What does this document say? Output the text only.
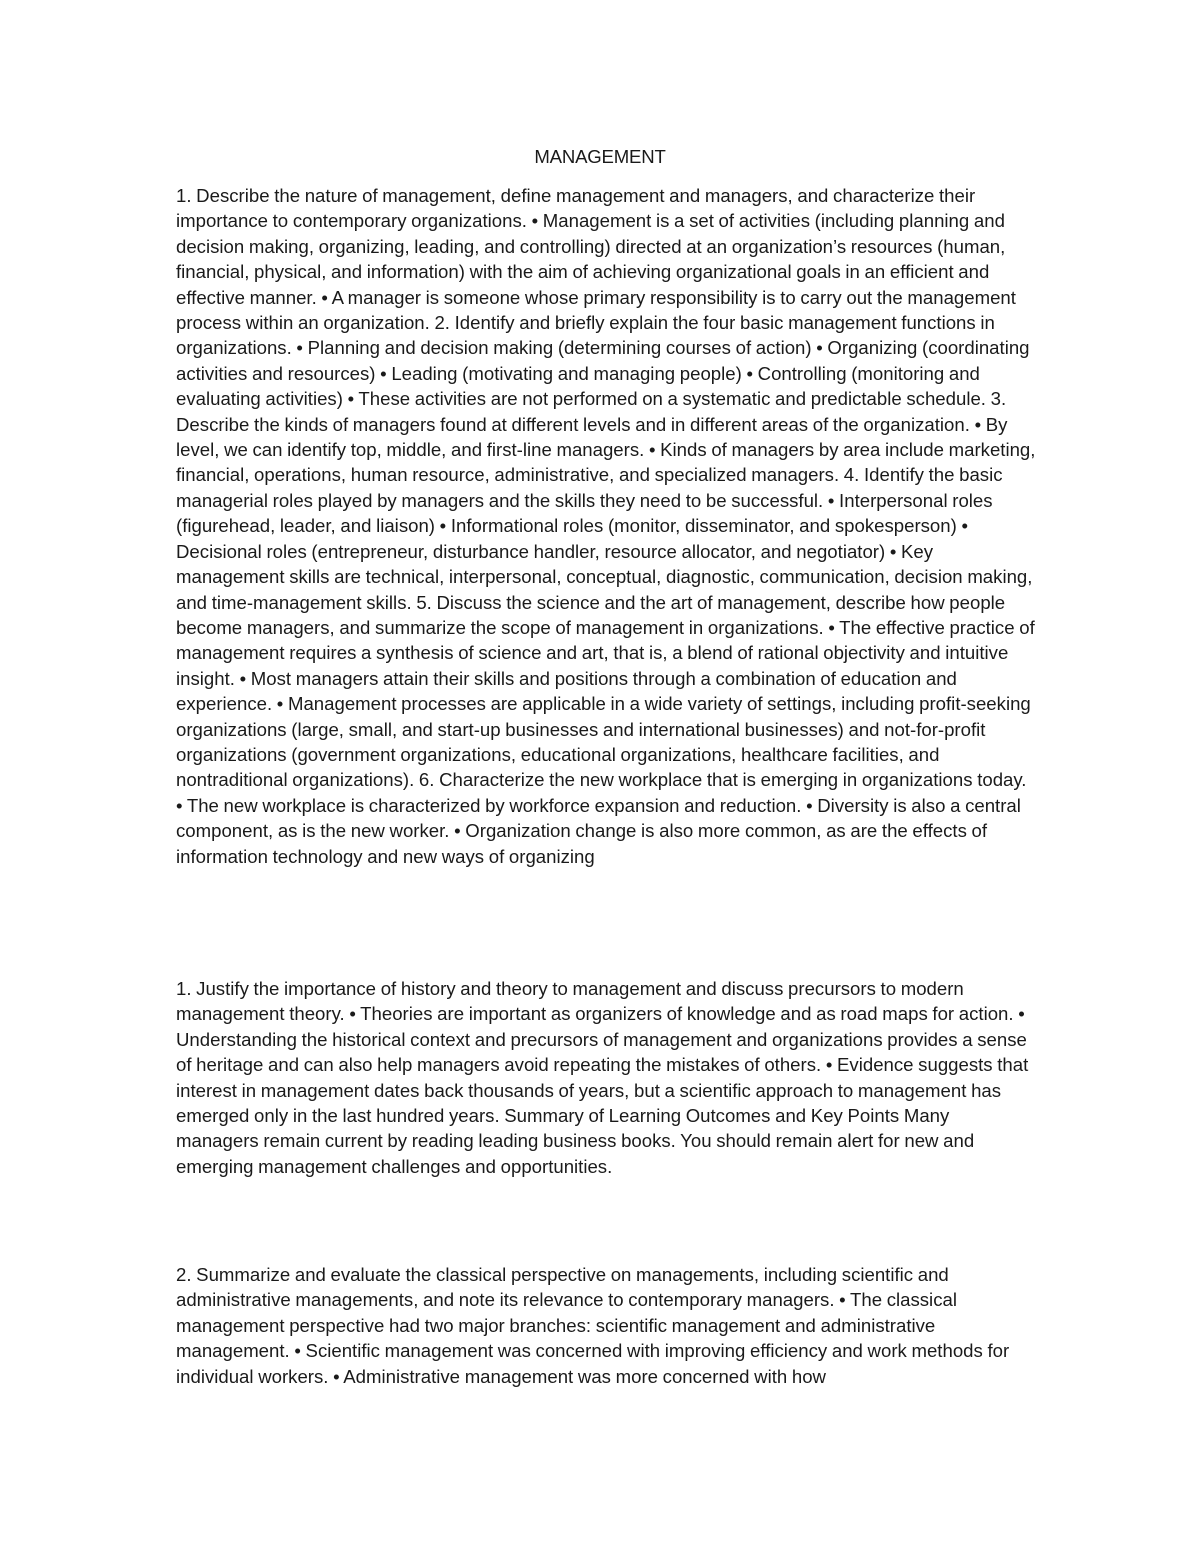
MANAGEMENT

1. Describe the nature of management, define management and managers, and characterize their importance to contemporary organizations. • Management is a set of activities (including planning and decision making, organizing, leading, and controlling) directed at an organization’s resources (human, financial, physical, and information) with the aim of achieving organizational goals in an efficient and effective manner. • A manager is someone whose primary responsibility is to carry out the management process within an organization. 2. Identify and briefly explain the four basic management functions in organizations. • Planning and decision making (determining courses of action) • Organizing (coordinating activities and resources) • Leading (motivating and managing people) • Controlling (monitoring and evaluating activities) • These activities are not performed on a systematic and predictable schedule. 3. Describe the kinds of managers found at different levels and in different areas of the organization. • By level, we can identify top, middle, and first-line managers. • Kinds of managers by area include marketing, financial, operations, human resource, administrative, and specialized managers. 4. Identify the basic managerial roles played by managers and the skills they need to be successful. • Interpersonal roles (figurehead, leader, and liaison) • Informational roles (monitor, disseminator, and spokesperson) • Decisional roles (entrepreneur, disturbance handler, resource allocator, and negotiator) • Key management skills are technical, interpersonal, conceptual, diagnostic, communication, decision making, and time-management skills. 5. Discuss the science and the art of management, describe how people become managers, and summarize the scope of management in organizations. • The effective practice of management requires a synthesis of science and art, that is, a blend of rational objectivity and intuitive insight. • Most managers attain their skills and positions through a combination of education and experience. • Management processes are applicable in a wide variety of settings, including profit-seeking organizations (large, small, and start-up businesses and international businesses) and not-for-profit organizations (government organizations, educational organizations, healthcare facilities, and nontraditional organizations). 6. Characterize the new workplace that is emerging in organizations today. • The new workplace is characterized by workforce expansion and reduction. • Diversity is also a central component, as is the new worker. • Organization change is also more common, as are the effects of information technology and new ways of organizing

1. Justify the importance of history and theory to management and discuss precursors to modern management theory. • Theories are important as organizers of knowledge and as road maps for action. • Understanding the historical context and precursors of management and organizations provides a sense of heritage and can also help managers avoid repeating the mistakes of others. • Evidence suggests that interest in management dates back thousands of years, but a scientific approach to management has emerged only in the last hundred years. Summary of Learning Outcomes and Key Points Many managers remain current by reading leading business books. You should remain alert for new and emerging management challenges and opportunities.

2. Summarize and evaluate the classical perspective on managements, including scientific and administrative managements, and note its relevance to contemporary managers. • The classical management perspective had two major branches: scientific management and administrative management. • Scientific management was concerned with improving efficiency and work methods for individual workers. • Administrative management was more concerned with how
